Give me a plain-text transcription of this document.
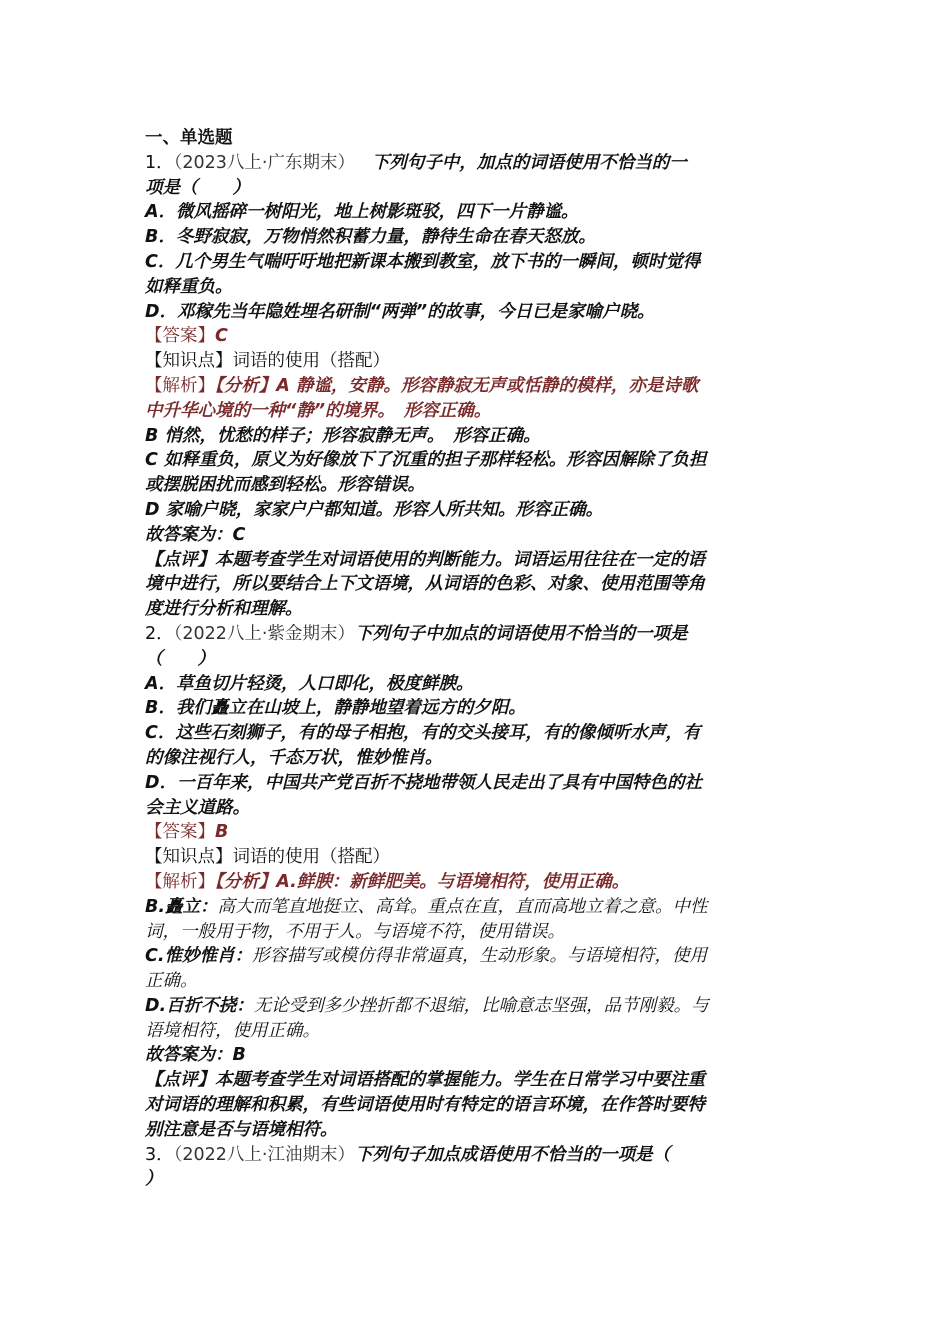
一、单选题
1．（2023八上·广东期末） 下列句子中，加点的词语使用不恰当的一
项是（　　）
A．微风摇碎一树阳光，地上树影斑驳，四下一片静谧。
B．冬野寂寂，万物悄然积蓄力量，静待生命在春天怒放。
C．几个男生气喘吁吁地把新课本搬到教室，放下书的一瞬间，顿时觉得
如释重负。
D．邓稼先当年隐姓埋名研制“两弹”的故事，今日已是家喻户晓。
【答案】C
【知识点】词语的使用（搭配）
【解析】【分析】A 静谧，安静。形容静寂无声或恬静的模样，亦是诗歌
中升华心境的一种“静”的境界。　形容正确。
B 悄然，忧愁的样子；形容寂静无声。　形容正确。
C 如释重负，原义为好像放下了沉重的担子那样轻松。形容因解除了负担
或摆脱困扰而感到轻松。形容错误。
D 家喻户晓，家家户户都知道。形容人所共知。形容正确。
故答案为：C
【点评】本题考查学生对词语使用的判断能力。词语运用往往在一定的语
境中进行，所以要结合上下文语境，从词语的色彩、对象、使用范围等角
度进行分析和理解。
2．（2022八上·紫金期末）下列句子中加点的词语使用不恰当的一项是
（　　）
A．草鱼切片轻烫，人口即化，极度鲜腴。
B．我们矗立在山坡上，静静地望着远方的夕阳。
C．这些石刻狮子，有的母子相抱，有的交头接耳，有的像倾听水声，有
的像注视行人，千态万状，惟妙惟肖。
D．一百年来，中国共产党百折不挠地带领人民走出了具有中国特色的社
会主义道路。
【答案】B
【知识点】词语的使用（搭配）
【解析】【分析】A.鲜腴：新鲜肥美。与语境相符，使用正确。
B.矗立：高大而笔直地挺立、高耸。重点在直，直而高地立着之意。中性
词，一般用于物，不用于人。与语境不符，使用错误。
C.惟妙惟肖：形容描写或模仿得非常逼真，生动形象。与语境相符，使用
正确。
D.百折不挠：无论受到多少挫折都不退缩，比喻意志坚强，品节刚毅。与
语境相符，使用正确。
故答案为：B
【点评】本题考查学生对词语搭配的掌握能力。学生在日常学习中要注重
对词语的理解和积累，有些词语使用时有特定的语言环境，在作答时要特
别注意是否与语境相符。
3．（2022八上·江油期末）下列句子加点成语使用不恰当的一项是（
）
